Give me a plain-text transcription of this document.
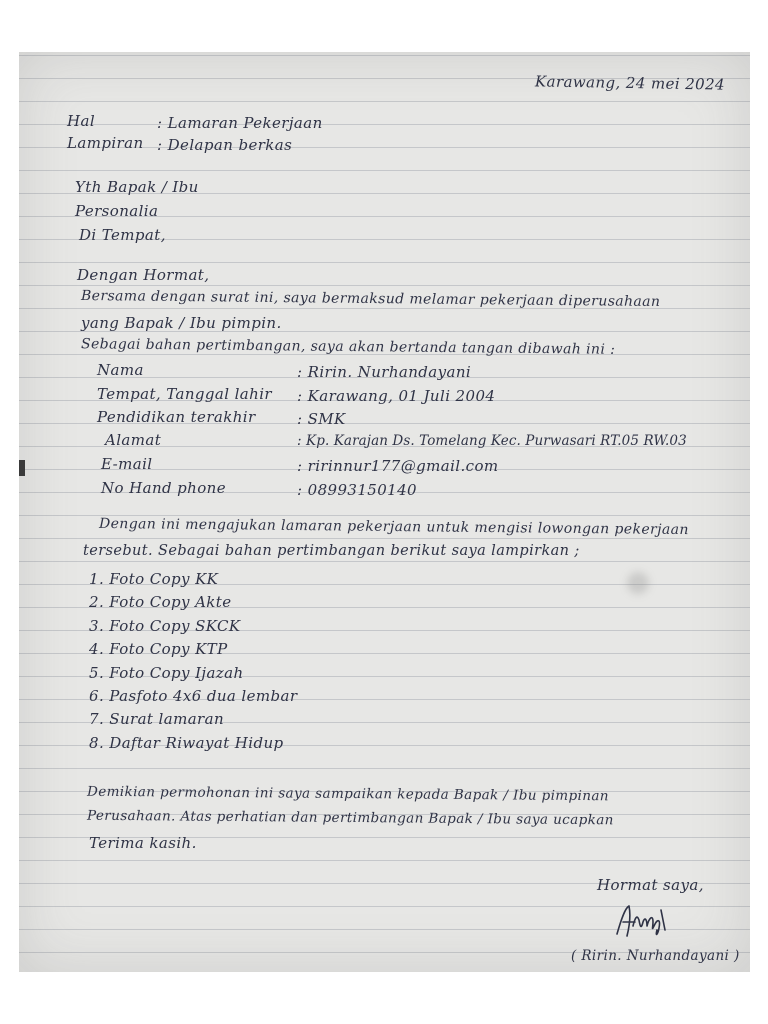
Karawang, 24 mei 2024
Hal	: Lamaran Pekerjaan
Lampiran : Delapan berkas
Yth Bapak / Ibu
Personalia
Di Tempat,
Dengan Hormat,
Bersama dengan surat ini, saya bermaksud melamar pekerjaan diperusahaan
yang Bapak / Ibu pimpin.
Sebagai bahan pertimbangan, saya akan bertanda tangan dibawah ini :
Nama	: Ririn. Nurhandayani
Tempat, Tanggal lahir : Karawang, 01 Juli 2004
Pendidikan terakhir	: SMK
Alamat	: Kp. Karajan Ds. Tomelang Kec. Purwasari RT.05 RW.03
E-mail	: ririnnur177@gmail.com
No Hand phone	: 08993150140
Dengan ini mengajukan lamaran pekerjaan untuk mengisi lowongan pekerjaan
tersebut. Sebagai bahan pertimbangan berikut saya lampirkan ;
1. Foto Copy KK
2. Foto Copy Akte
3. Foto Copy SKCK
4. Foto Copy KTP
5. Foto Copy Ijazah
6. Pasfoto 4x6 dua lembar
7. Surat lamaran
8. Daftar Riwayat Hidup
Demikian permohonan ini saya sampaikan kepada Bapak / Ibu pimpinan
Perusahaan. Atas perhatian dan pertimbangan Bapak / Ibu saya ucapkan
Terima kasih.
Hormat saya,
( Ririn. Nurhandayani )
